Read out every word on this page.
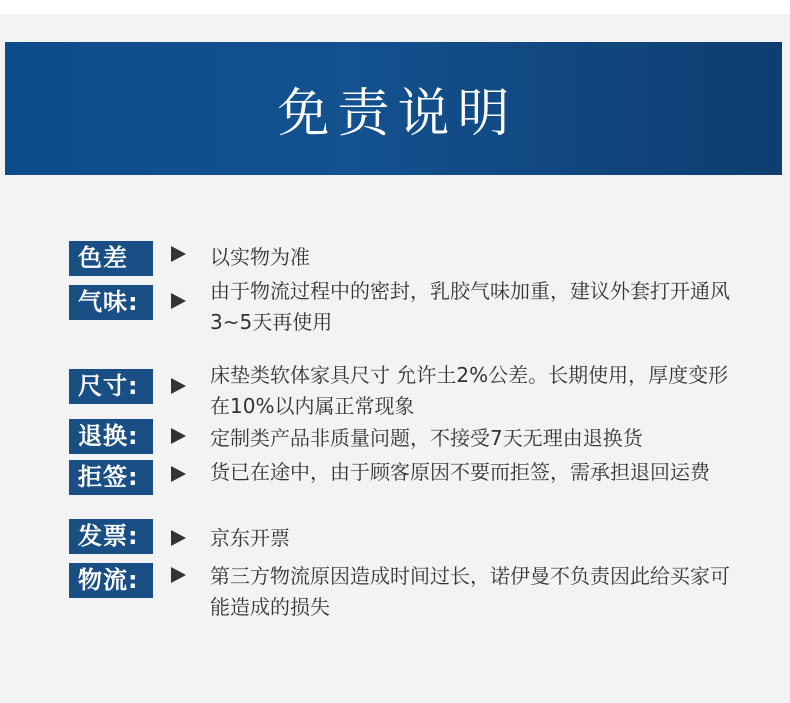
免责说明
色差	以实物为准
气味:	由于物流过程中的密封，乳胶气味加重，建议外套打开通风3~5天再使用
尺寸:	床垫类软体家具尺寸 允许土2%公差。长期使用，厚度变形在10%以内属正常现象
退换:	定制类产品非质量问题，不接受7天无理由退换货
拒签:	货已在途中，由于顾客原因不要而拒签，需承担退回运费
发票:	京东开票
物流:	第三方物流原因造成时间过长，诺伊曼不负责因此给买家可能造成的损失
